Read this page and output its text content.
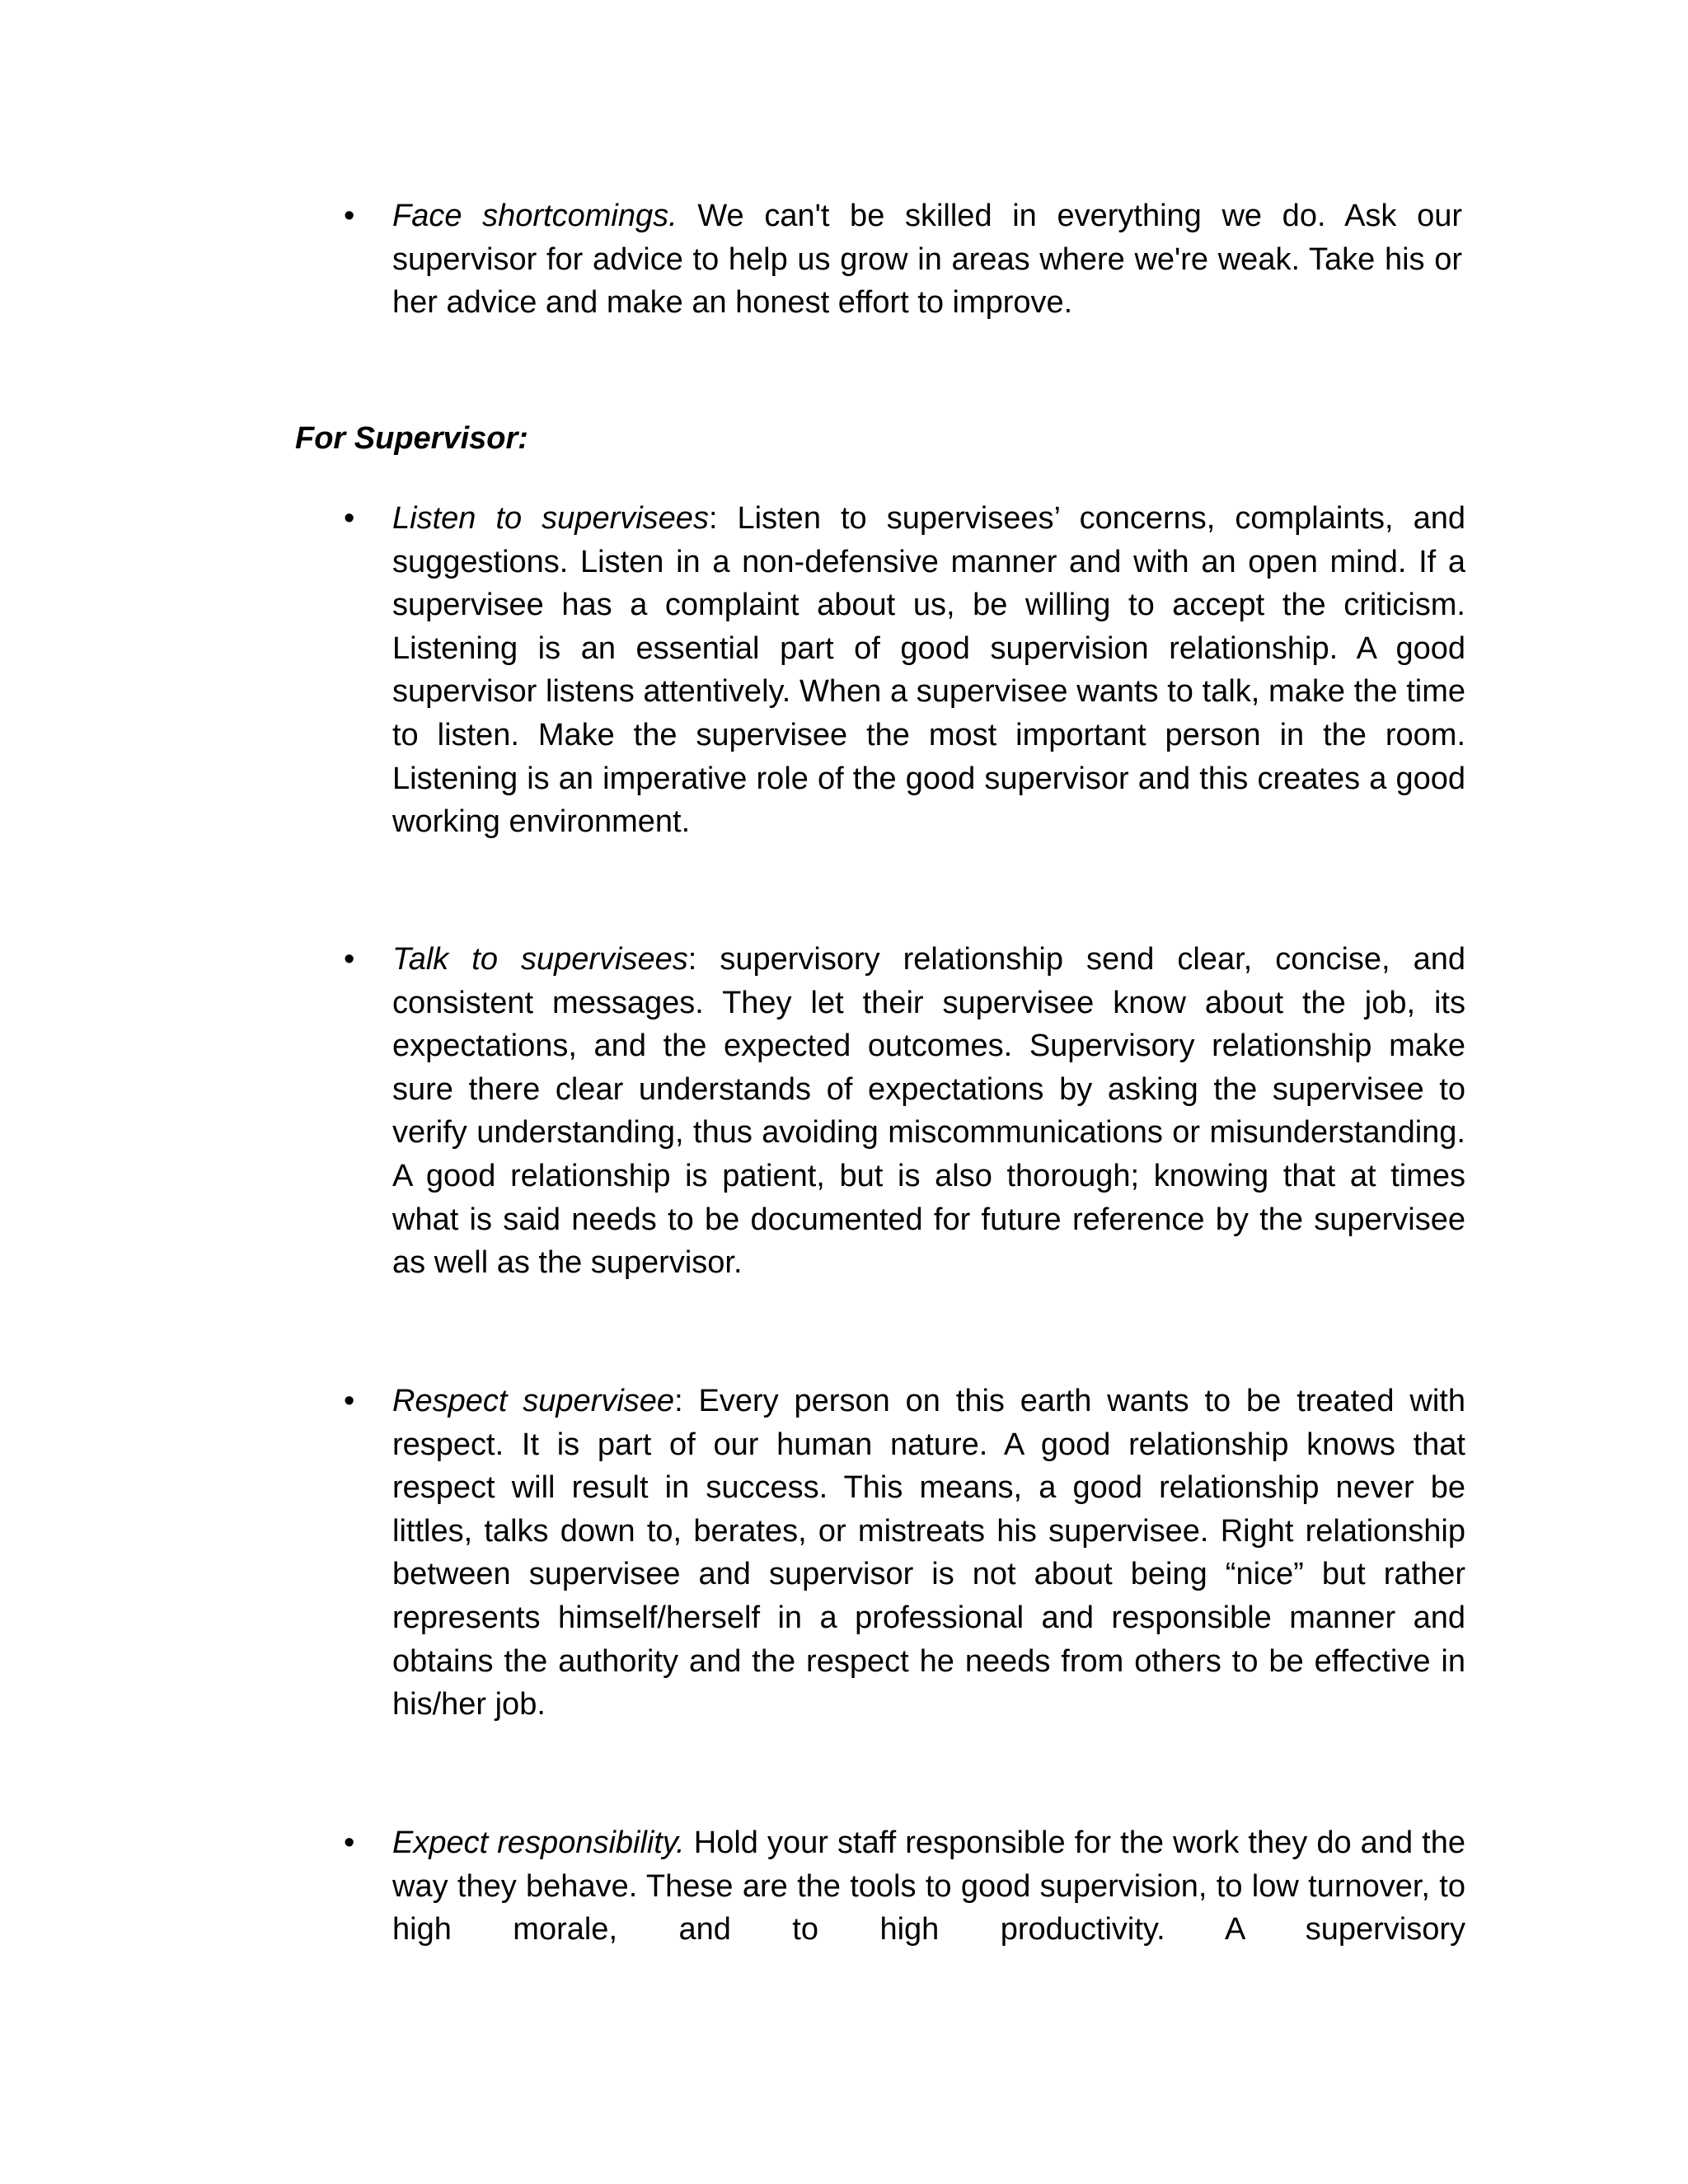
• Face shortcomings. We can't be skilled in everything we do. Ask our supervisor for advice to help us grow in areas where we're weak. Take his or her advice and make an honest effort to improve.

For Supervisor:

• Listen to supervisees: Listen to supervisees’ concerns, complaints, and suggestions. Listen in a non-defensive manner and with an open mind. If a supervisee has a complaint about us, be willing to accept the criticism. Listening is an essential part of good supervision relationship. A good supervisor listens attentively. When a supervisee wants to talk, make the time to listen. Make the supervisee the most important person in the room. Listening is an imperative role of the good supervisor and this creates a good working environment.

• Talk to supervisees: supervisory relationship send clear, concise, and consistent messages. They let their supervisee know about the job, its expectations, and the expected outcomes. Supervisory relationship make sure there clear understands of expectations by asking the supervisee to verify understanding, thus avoiding miscommunications or misunderstanding. A good relationship is patient, but is also thorough; knowing that at times what is said needs to be documented for future reference by the supervisee as well as the supervisor.

• Respect supervisee: Every person on this earth wants to be treated with respect. It is part of our human nature. A good relationship knows that respect will result in success. This means, a good relationship never be littles, talks down to, berates, or mistreats his supervisee. Right relationship between supervisee and supervisor is not about being “nice” but rather represents himself/herself in a professional and responsible manner and obtains the authority and the respect he needs from others to be effective in his/her job.

• Expect responsibility. Hold your staff responsible for the work they do and the way they behave. These are the tools to good supervision, to low turnover, to high morale, and to high productivity. A supervisory
